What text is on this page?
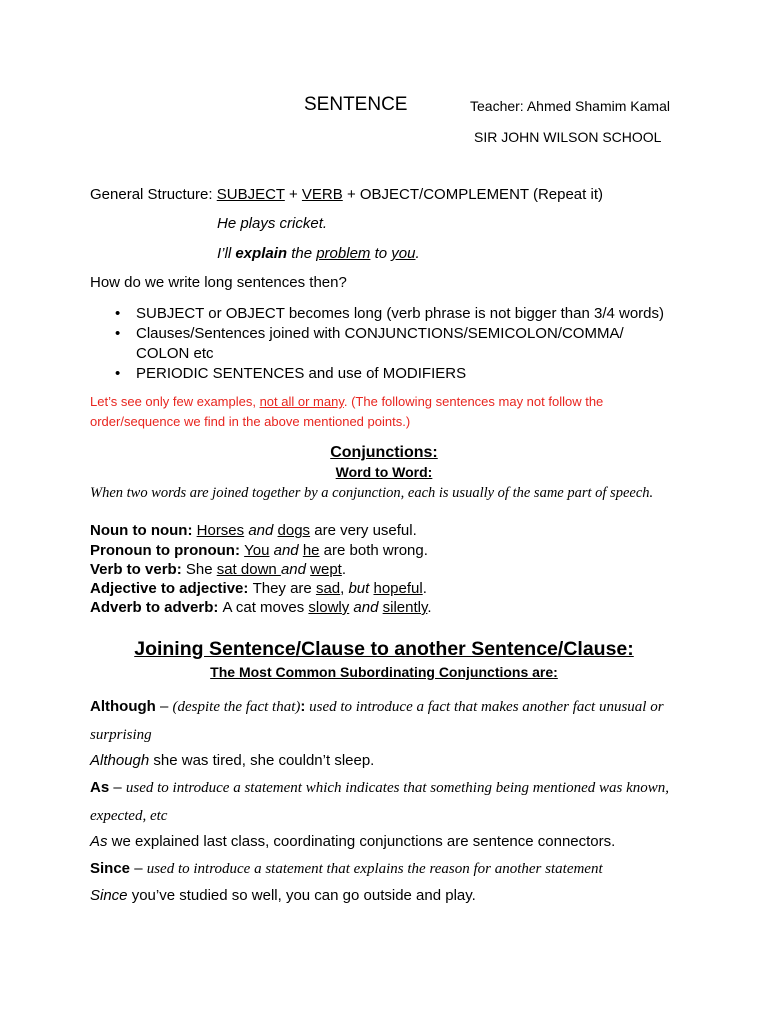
SENTENCE	Teacher: Ahmed Shamim Kamal
SIR JOHN WILSON SCHOOL
General Structure: SUBJECT + VERB + OBJECT/COMPLEMENT (Repeat it)
He plays cricket.
I’ll explain the problem to you.
How do we write long sentences then?
• SUBJECT or OBJECT becomes long (verb phrase is not bigger than 3/4 words)
• Clauses/Sentences joined with CONJUNCTIONS/SEMICOLON/COMMA/
COLON etc
• PERIODIC SENTENCES and use of MODIFIERS
Let’s see only few examples, not all or many. (The following sentences may not follow the
order/sequence we find in the above mentioned points.)
Conjunctions:
Word to Word:
When two words are joined together by a conjunction, each is usually of the same part of speech.
Noun to noun: Horses and dogs are very useful.
Pronoun to pronoun: You and he are both wrong.
Verb to verb: She sat down and wept.
Adjective to adjective: They are sad, but hopeful.
Adverb to adverb: A cat moves slowly and silently.
Joining Sentence/Clause to another Sentence/Clause:
The Most Common Subordinating Conjunctions are:
Although – (despite the fact that): used to introduce a fact that makes another fact unusual or
surprising
Although she was tired, she couldn’t sleep.
As – used to introduce a statement which indicates that something being mentioned was known,
expected, etc
As we explained last class, coordinating conjunctions are sentence connectors.
Since – used to introduce a statement that explains the reason for another statement
Since you’ve studied so well, you can go outside and play.
